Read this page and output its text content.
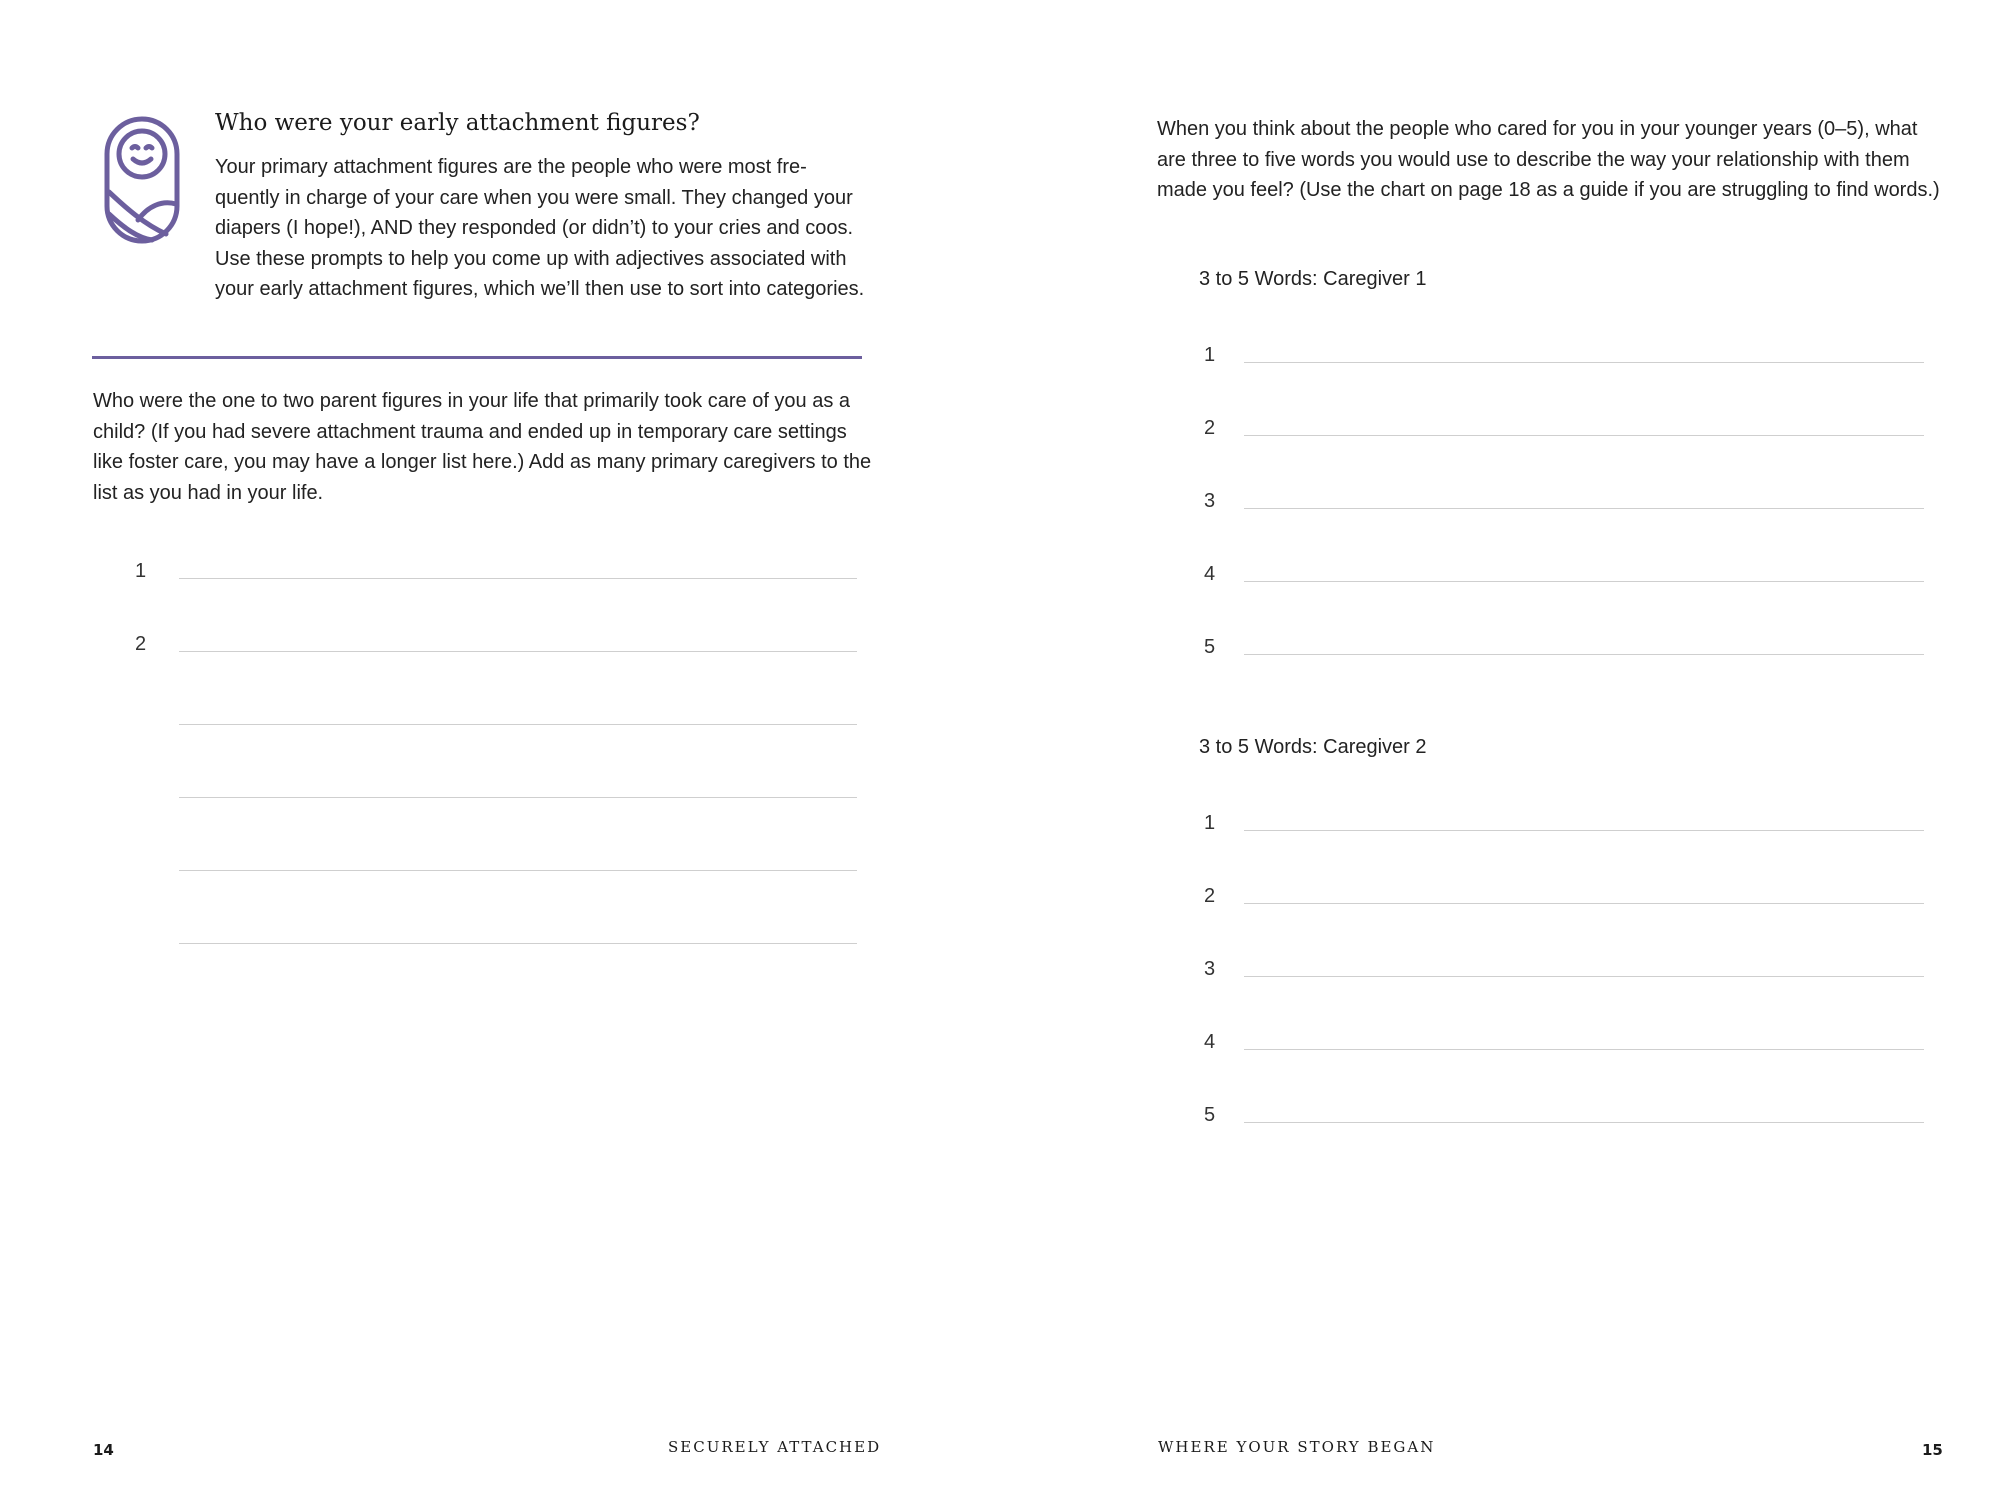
Who were your early attachment figures?

Your primary attachment figures are the people who were most fre-quently in charge of your care when you were small. They changed your diapers (I hope!), AND they responded (or didn’t) to your cries and coos. Use these prompts to help you come up with adjectives associated with your early attachment figures, which we’ll then use to sort into categories.

Who were the one to two parent figures in your life that primarily took care of you as a child? (If you had severe attachment trauma and ended up in temporary care settings like foster care, you may have a longer list here.) Add as many primary caregivers to the list as you had in your life.

1
2
14	SECURELY ATTACHED

When you think about the people who cared for you in your younger years (0–5), what are three to five words you would use to describe the way your relationship with them made you feel? (Use the chart on page 18 as a guide if you are struggling to find words.)

3 to 5 Words: Caregiver 1

1
2
3
4
5

3 to 5 Words: Caregiver 2

1
2
3
4
5
WHERE YOUR STORY BEGAN	15
